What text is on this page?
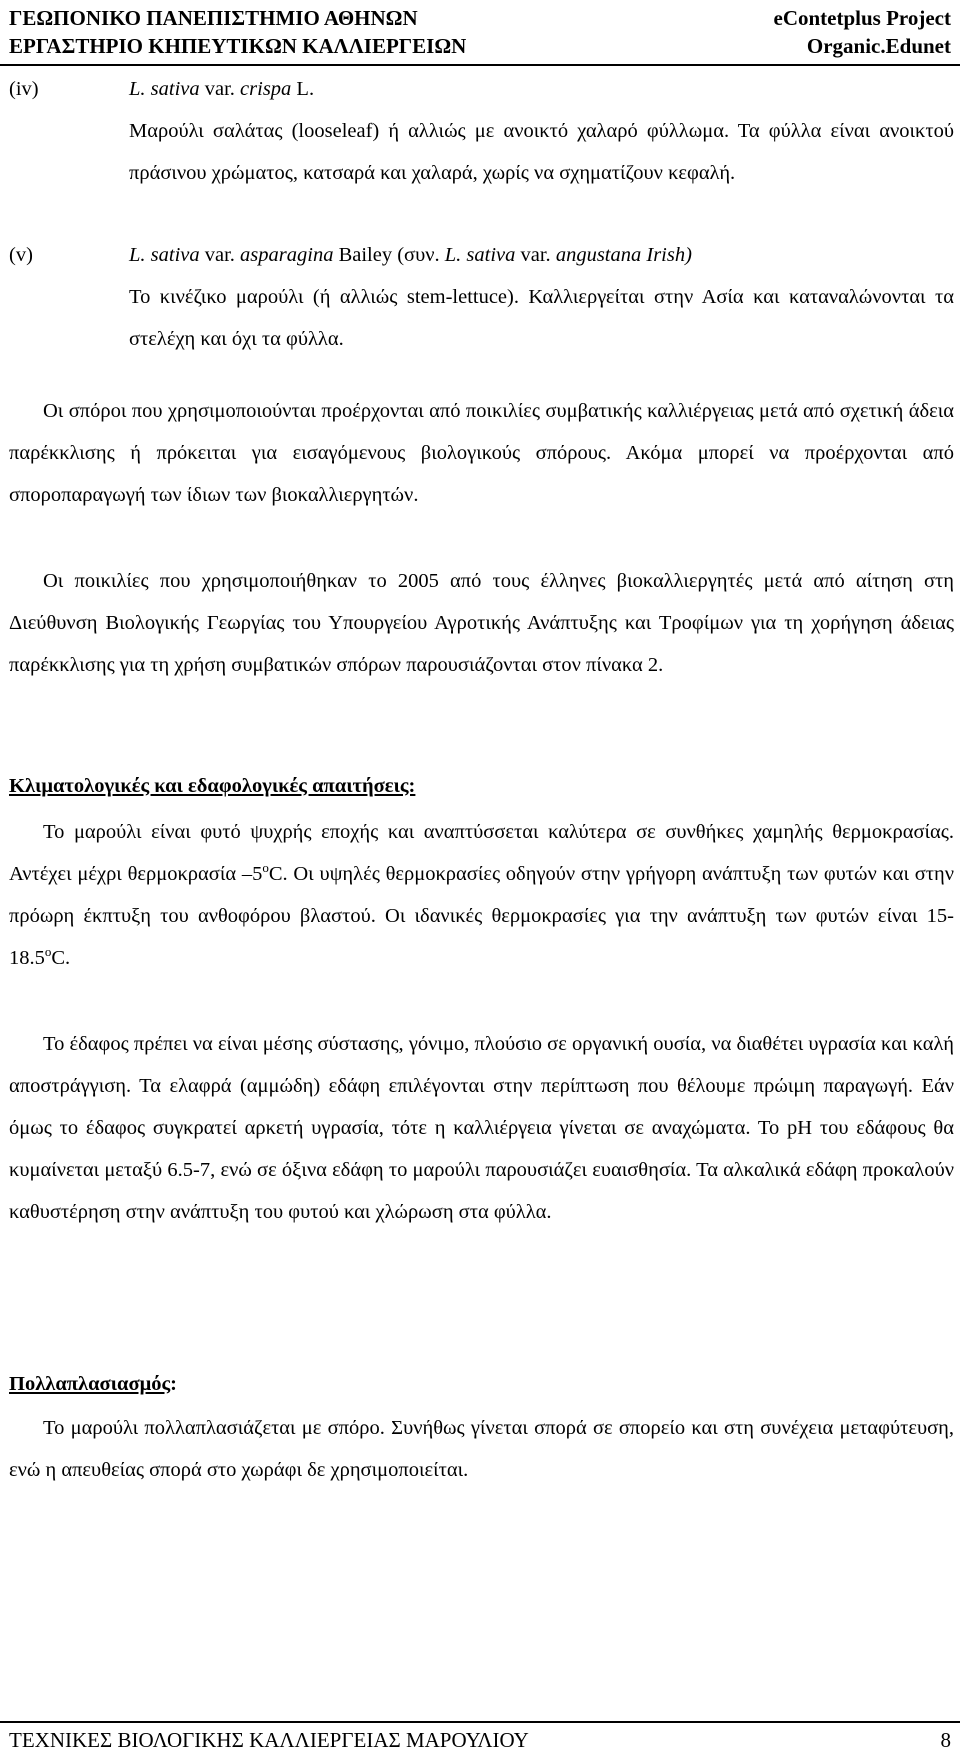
ΓΕΩΠΟΝΙΚΟ ΠΑΝΕΠΙΣΤΗΜΙΟ ΑΘΗΝΩΝ
ΕΡΓΑΣΤΗΡΙΟ ΚΗΠΕΥΤΙΚΩΝ ΚΑΛΛΙΕΡΓΕΙΩΝ
eContetplus Project
Organic.Edunet
(iv)	L. sativa var. crispa L.
Μαρούλι σαλάτας (looseleaf) ή αλλιώς με ανοικτό χαλαρό φύλλωμα. Τα φύλλα είναι ανοικτού πράσινου χρώματος, κατσαρά και χαλαρά, χωρίς να σχηματίζουν κεφαλή.
(v)	L. sativa var. asparagina Bailey (συν. L. sativa var. angustana Irish)
Το κινέζικο μαρούλι (ή αλλιώς stem-lettuce). Καλλιεργείται στην Ασία και καταναλώνονται τα στελέχη και όχι τα φύλλα.
Οι σπόροι που χρησιμοποιούνται προέρχονται από ποικιλίες συμβατικής καλλιέργειας μετά από σχετική άδεια παρέκκλισης ή πρόκειται για εισαγόμενους βιολογικούς σπόρους. Ακόμα μπορεί να προέρχονται από σποροπαραγωγή των ίδιων των βιοκαλλιεργητών.
Οι ποικιλίες που χρησιμοποιήθηκαν το 2005 από τους έλληνες βιοκαλλιεργητές μετά από αίτηση στη Διεύθυνση Βιολογικής Γεωργίας του Υπουργείου Αγροτικής Ανάπτυξης και Τροφίμων για τη χορήγηση άδειας παρέκκλισης για τη χρήση συμβατικών σπόρων παρουσιάζονται στον πίνακα 2.
Κλιματολογικές και εδαφολογικές απαιτήσεις:
Το μαρούλι είναι φυτό ψυχρής εποχής και αναπτύσσεται καλύτερα σε συνθήκες χαμηλής θερμοκρασίας. Αντέχει μέχρι θερμοκρασία –5$^o$C. Οι υψηλές θερμοκρασίες οδηγούν στην γρήγορη ανάπτυξη των φυτών και στην πρόωρη έκπτυξη του ανθοφόρου βλαστού. Οι ιδανικές θερμοκρασίες για την ανάπτυξη των φυτών είναι 15-18.5$^o$C.
Το έδαφος πρέπει να είναι μέσης σύστασης, γόνιμο, πλούσιο σε οργανική ουσία, να διαθέτει υγρασία και καλή αποστράγγιση. Τα ελαφρά (αμμώδη) εδάφη επιλέγονται στην περίπτωση που θέλουμε πρώιμη παραγωγή. Εάν όμως το έδαφος συγκρατεί αρκετή υγρασία, τότε η καλλιέργεια γίνεται σε αναχώματα. Το pH του εδάφους θα κυμαίνεται μεταξύ 6.5-7, ενώ σε όξινα εδάφη το μαρούλι παρουσιάζει ευαισθησία. Τα αλκαλικά εδάφη προκαλούν καθυστέρηση στην ανάπτυξη του φυτού και χλώρωση στα φύλλα.
Πολλαπλασιασμός:
Το μαρούλι πολλαπλασιάζεται με σπόρο. Συνήθως γίνεται σπορά σε σπορείο και στη συνέχεια μεταφύτευση, ενώ η απευθείας σπορά στο χωράφι δε χρησιμοποιείται.
ΤΕΧΝΙΚΕΣ ΒΙΟΛΟΓΙΚΗΣ ΚΑΛΛΙΕΡΓΕΙΑΣ ΜΑΡΟΥΛΙΟΥ	8
